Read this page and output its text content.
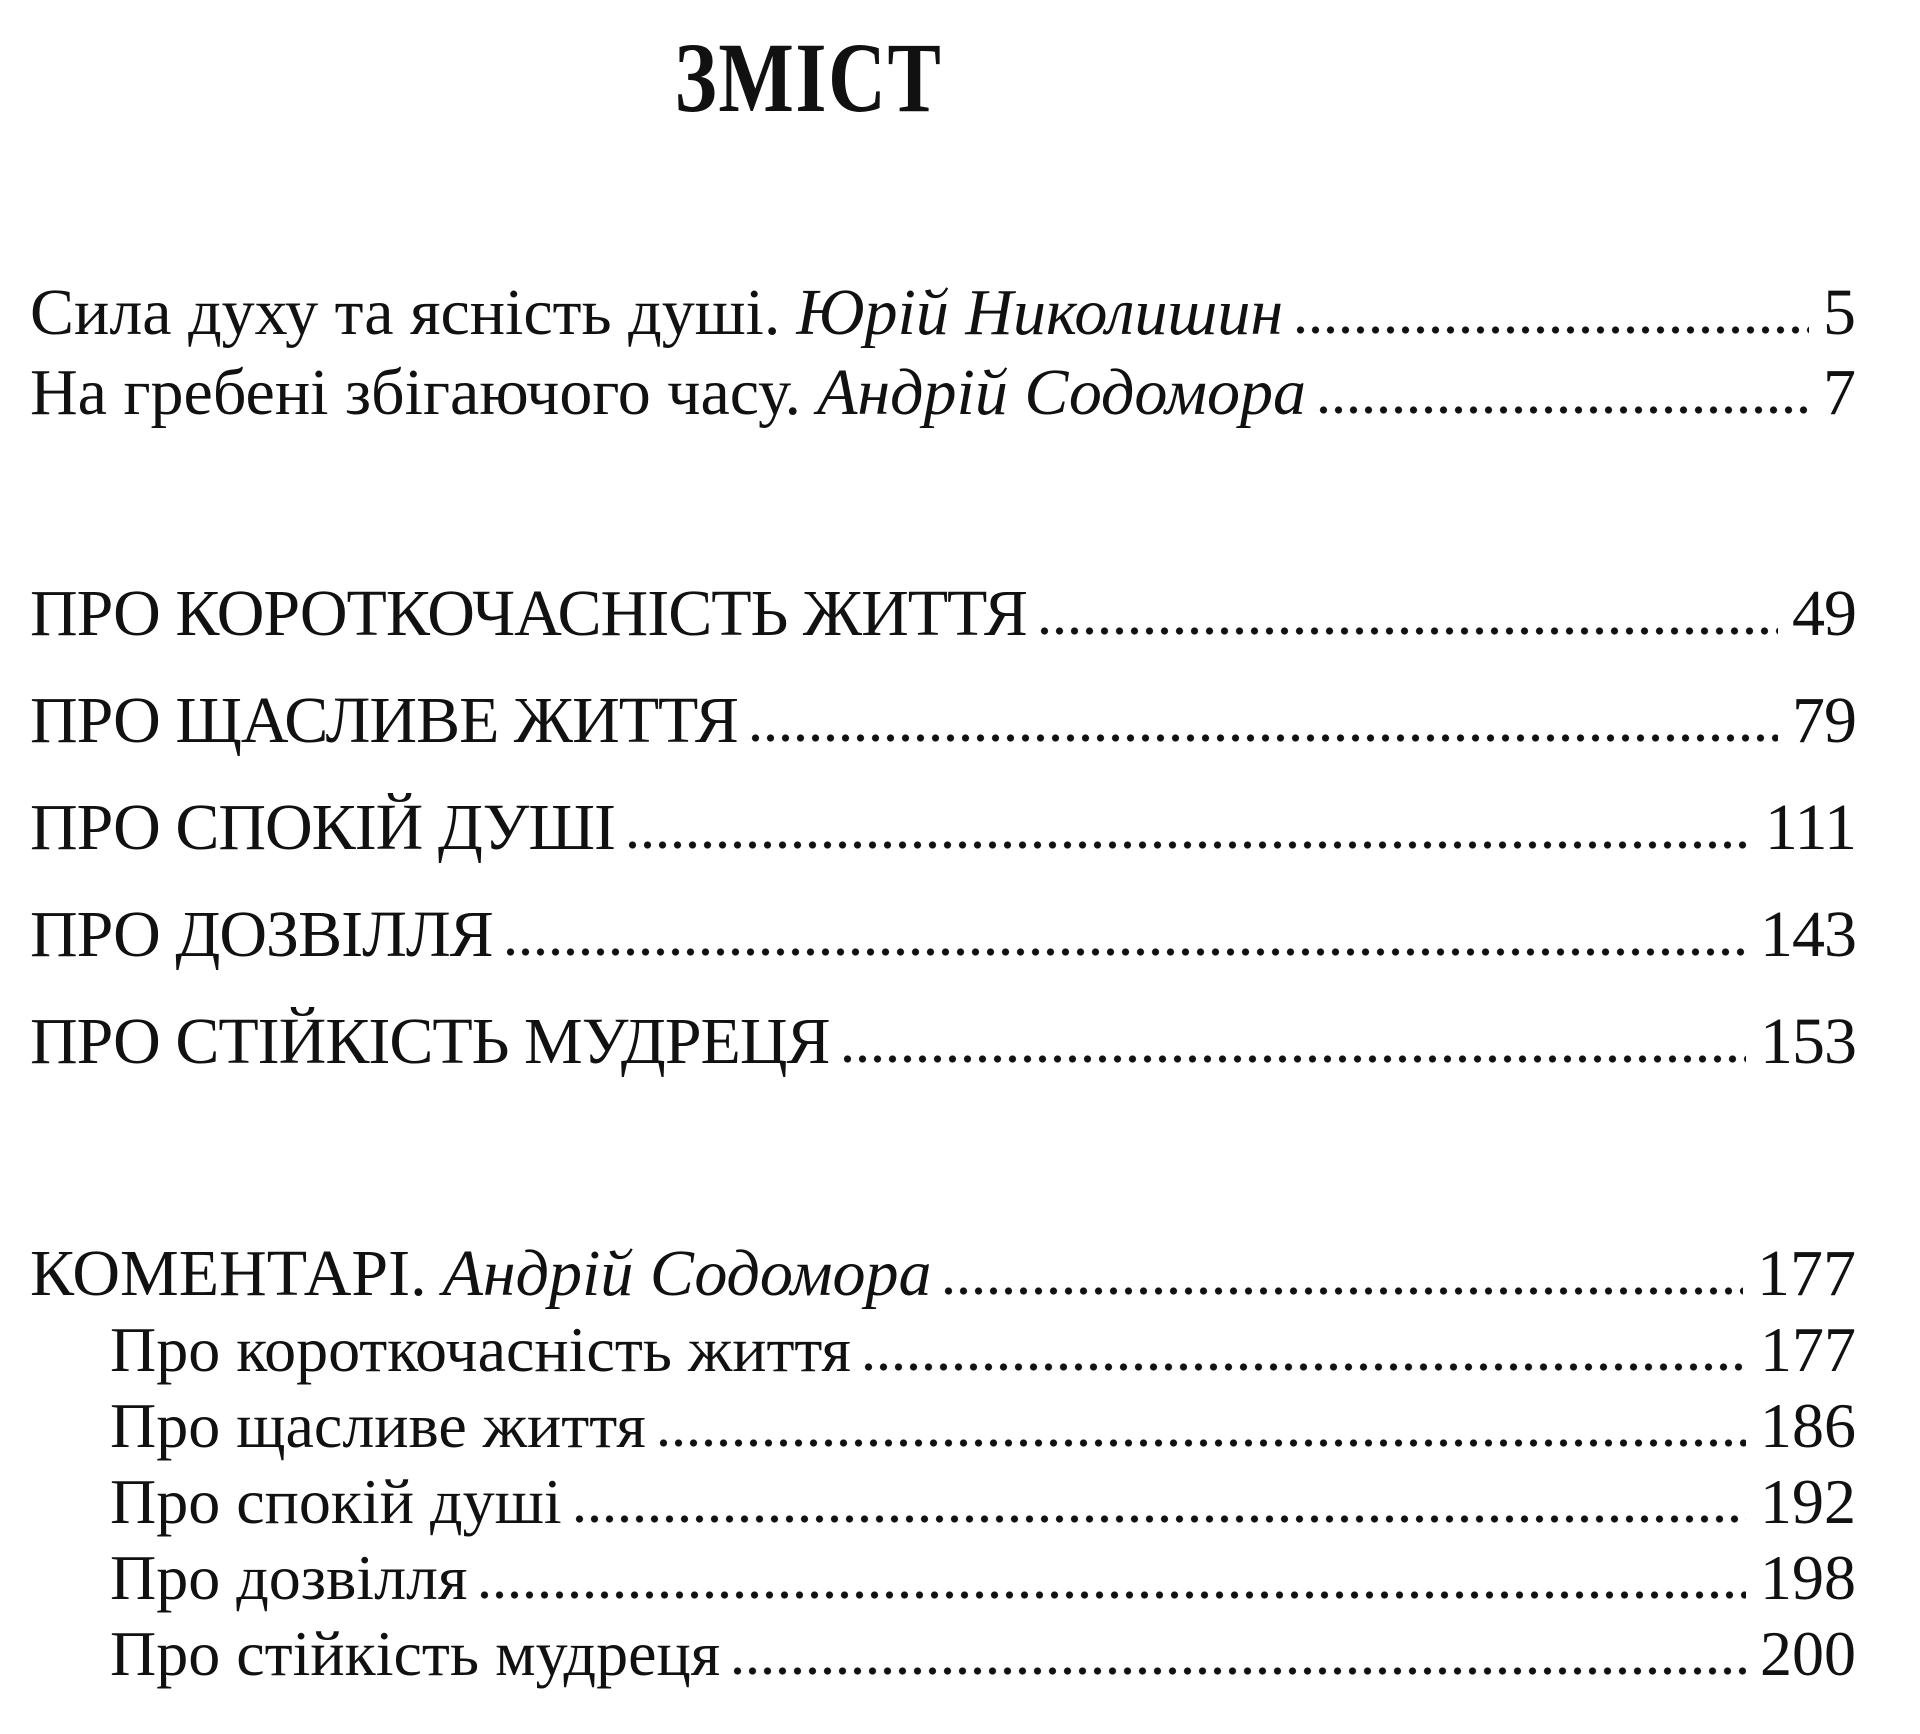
ЗМІСТ
Сила духу та ясність душі. Юрій Николишин	5
На гребені збігаючого часу. Андрій Содомора	7
ПРО КОРОТКОЧАСНІСТЬ ЖИТТЯ	49
ПРО ЩАСЛИВЕ ЖИТТЯ	79
ПРО СПОКІЙ ДУШІ	111
ПРО ДОЗВІЛЛЯ	143
ПРО СТІЙКІСТЬ МУДРЕЦЯ	153
КОМЕНТАРІ. Андрій Содомора	177
Про короткочасність життя	177
Про щасливе життя	186
Про спокій душі	192
Про дозвілля	198
Про стійкість мудреця	200
